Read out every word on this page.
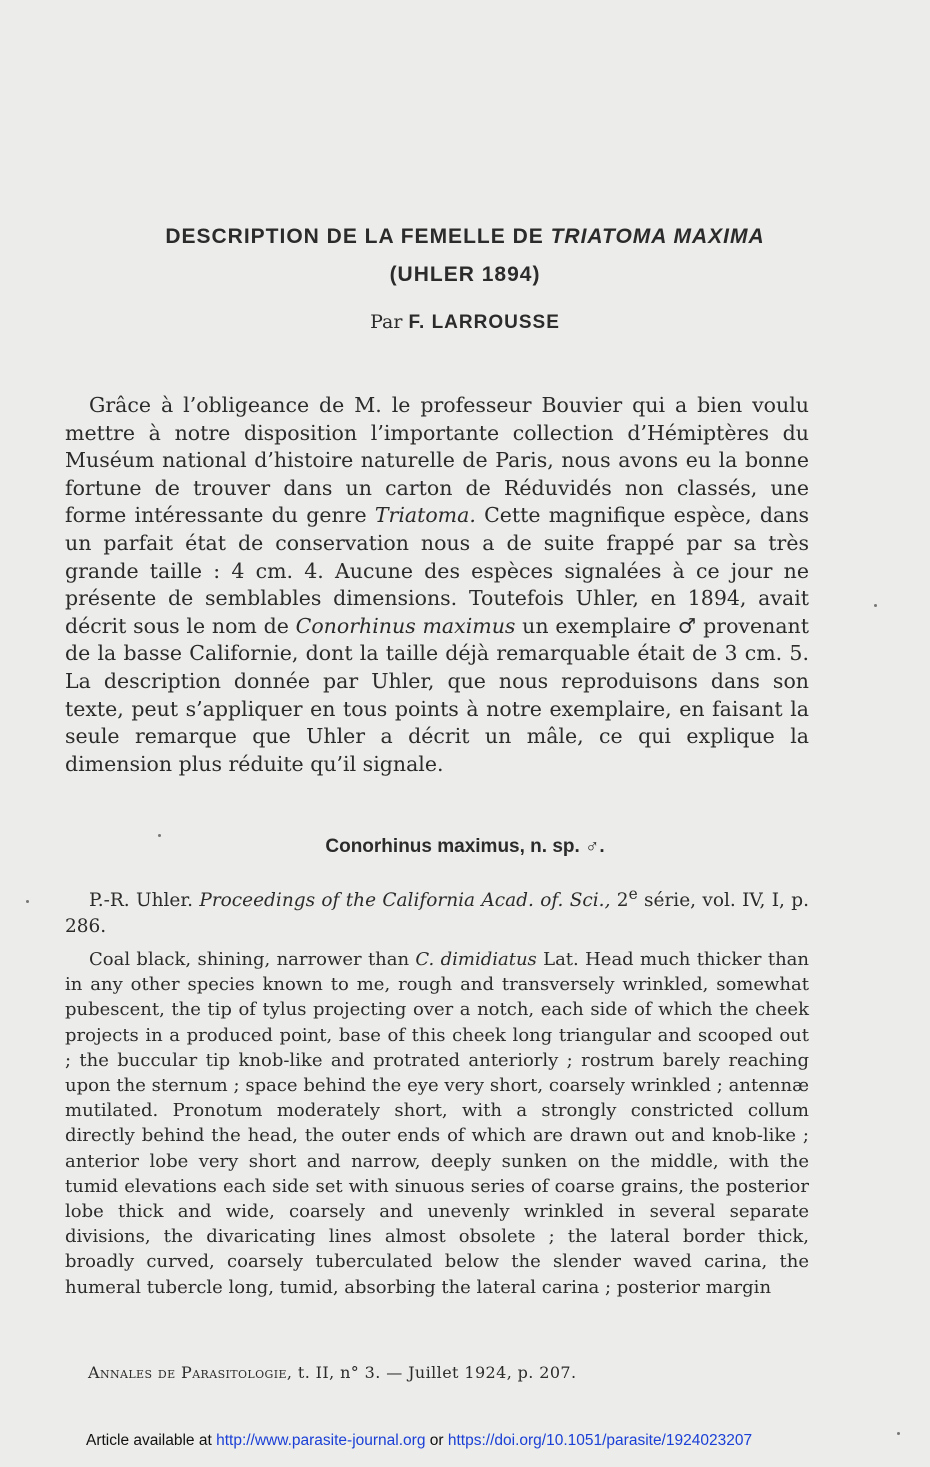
DESCRIPTION DE LA FEMELLE DE TRIATOMA MAXIMA
(UHLER 1894)
Par F. LARROUSSE

Grâce à l’obligeance de M. le professeur Bouvier qui a bien voulu mettre à notre disposition l’importante collection d’Hémiptères du Muséum national d’histoire naturelle de Paris, nous avons eu la bonne fortune de trouver dans un carton de Réduvidés non classés, une forme intéressante du genre Triatoma. Cette magnifique espèce, dans un parfait état de conservation nous a de suite frappé par sa très grande taille : 4 cm. 4. Aucune des espèces signalées à ce jour ne présente de semblables dimensions. Toutefois Uhler, en 1894, avait décrit sous le nom de Conorhinus maximus un exemplaire ♂ provenant de la basse Californie, dont la taille déjà remarquable était de 3 cm. 5. La description donnée par Uhler, que nous reproduisons dans son texte, peut s’appliquer en tous points à notre exemplaire, en faisant la seule remarque que Uhler a décrit un mâle, ce qui explique la dimension plus réduite qu’il signale.

Conorhinus maximus, n. sp. ♂.

P.-R. Uhler. Proceedings of the California Acad. of. Sci., 2e série, vol. IV, I, p. 286.

Coal black, shining, narrower than C. dimidiatus Lat. Head much thicker than in any other species known to me, rough and transversely wrinkled, somewhat pubescent, the tip of tylus projecting over a notch, each side of which the cheek projects in a produced point, base of this cheek long triangular and scooped out ; the buccular tip knob-like and protrated anteriorly ; rostrum barely reaching upon the sternum ; space behind the eye very short, coarsely wrinkled ; antennæ mutilated. Pronotum moderately short, with a strongly constricted collum directly behind the head, the outer ends of which are drawn out and knob-like ; anterior lobe very short and narrow, deeply sunken on the middle, with the tumid elevations each side set with sinuous series of coarse grains, the posterior lobe thick and wide, coarsely and unevenly wrinkled in several separate divisions, the divaricating lines almost obsolete ; the lateral border thick, broadly curved, coarsely tuberculated below the slender waved carina, the humeral tubercle long, tumid, absorbing the lateral carina ; posterior margin

Annales de Parasitologie, t. II, n° 3. — Juillet 1924, p. 207.
Article available at http://www.parasite-journal.org or https://doi.org/10.1051/parasite/1924023207
